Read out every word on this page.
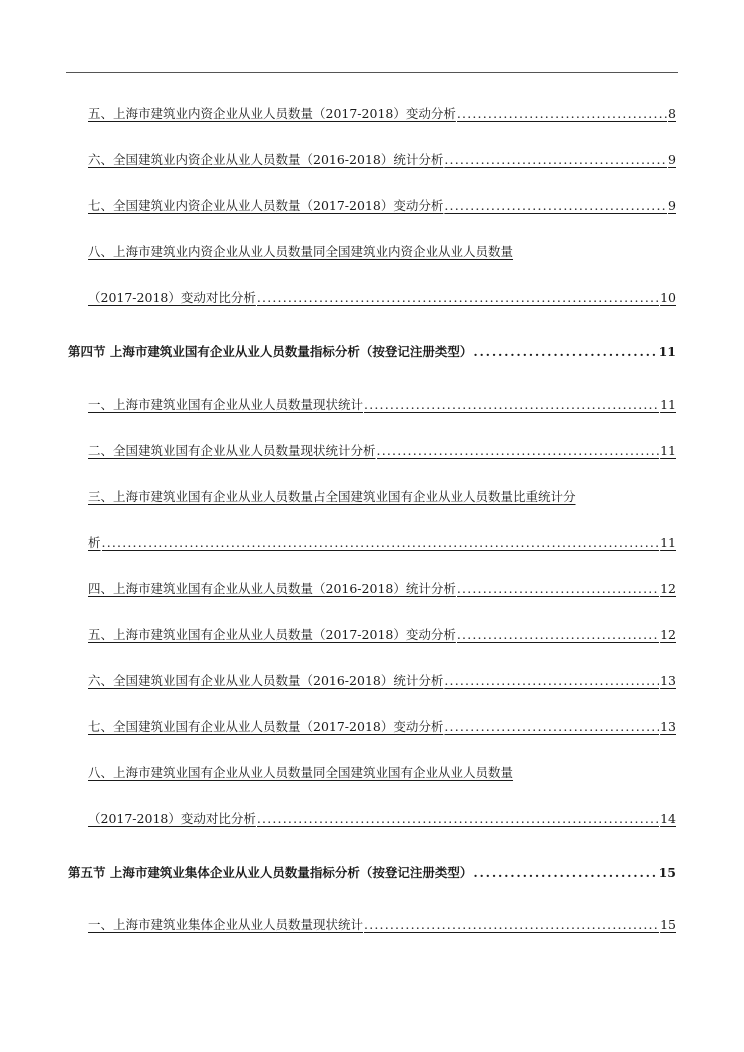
五、上海市建筑业内资企业从业人员数量（2017-2018）变动分析 .....	8
六、全国建筑业内资企业从业人员数量（2016-2018）统计分析 .....	9
七、全国建筑业内资企业从业人员数量（2017-2018）变动分析 .....	9
八、上海市建筑业内资企业从业人员数量同全国建筑业内资企业从业人员数量
（2017-2018）变动对比分析 .....	10
第四节 上海市建筑业国有企业从业人员数量指标分析（按登记注册类型） .....	11
一、上海市建筑业国有企业从业人员数量现状统计 .....	11
二、全国建筑业国有企业从业人员数量现状统计分析 .....	11
三、上海市建筑业国有企业从业人员数量占全国建筑业国有企业从业人员数量比重统计分
析 .....	11
四、上海市建筑业国有企业从业人员数量（2016-2018）统计分析 .....	12
五、上海市建筑业国有企业从业人员数量（2017-2018）变动分析 .....	12
六、全国建筑业国有企业从业人员数量（2016-2018）统计分析 .....	13
七、全国建筑业国有企业从业人员数量（2017-2018）变动分析 .....	13
八、上海市建筑业国有企业从业人员数量同全国建筑业国有企业从业人员数量
（2017-2018）变动对比分析 .....	14
第五节 上海市建筑业集体企业从业人员数量指标分析（按登记注册类型） .....	15
一、上海市建筑业集体企业从业人员数量现状统计 .....	15
